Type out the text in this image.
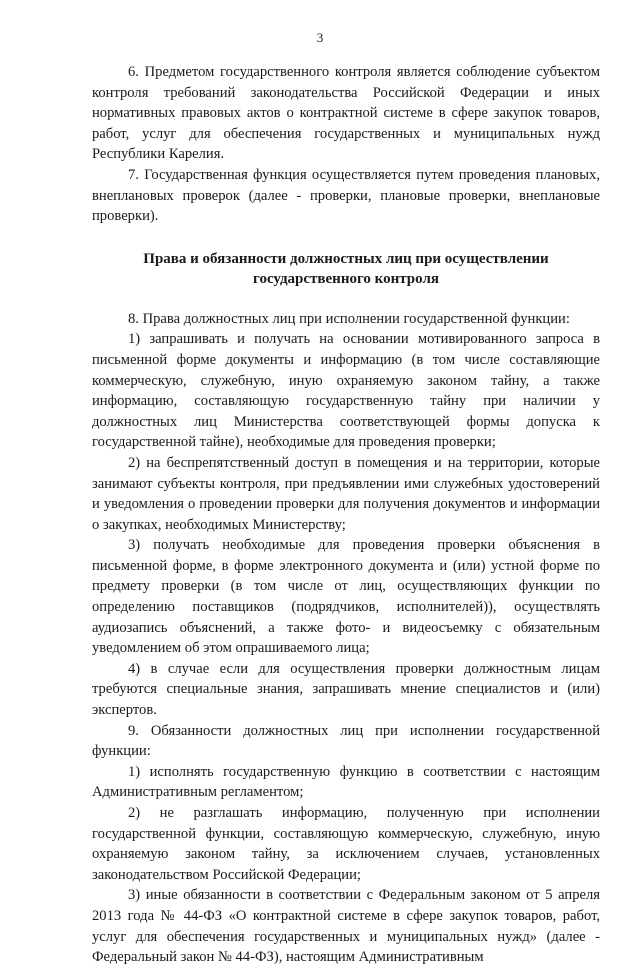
3

6. Предметом государственного контроля является соблюдение субъектом контроля требований законодательства Российской Федерации и иных нормативных правовых актов о контрактной системе в сфере закупок товаров, работ, услуг для обеспечения государственных и муниципальных нужд Республики Карелия.

7. Государственная функция осуществляется путем проведения плановых, внеплановых проверок (далее - проверки, плановые проверки, внеплановые проверки).

Права и обязанности должностных лиц при осуществлении
государственного контроля

8. Права должностных лиц при исполнении государственной функции:

1) запрашивать и получать на основании мотивированного запроса в письменной форме документы и информацию (в том числе составляющие коммерческую, служебную, иную охраняемую законом тайну, а также информацию, составляющую государственную тайну при наличии у должностных лиц Министерства соответствующей формы допуска к государственной тайне), необходимые для проведения проверки;

2) на беспрепятственный доступ в помещения и на территории, которые занимают субъекты контроля, при предъявлении ими служебных удостоверений и уведомления о проведении проверки для получения документов и информации о закупках, необходимых Министерству;

3) получать необходимые для проведения проверки объяснения в письменной форме, в форме электронного документа и (или) устной форме по предмету проверки (в том числе от лиц, осуществляющих функции по определению поставщиков (подрядчиков, исполнителей)), осуществлять аудиозапись объяснений, а также фото- и видеосъемку с обязательным уведомлением об этом опрашиваемого лица;

4) в случае если для осуществления проверки должностным лицам требуются специальные знания, запрашивать мнение специалистов и (или) экспертов.

9. Обязанности должностных лиц при исполнении государственной функции:

1) исполнять государственную функцию в соответствии с настоящим Административным регламентом;

2) не разглашать информацию, полученную при исполнении государственной функции, составляющую коммерческую, служебную, иную охраняемую законом тайну, за исключением случаев, установленных законодательством Российской Федерации;

3) иные обязанности в соответствии с Федеральным законом от 5 апреля 2013 года № 44-ФЗ «О контрактной системе в сфере закупок товаров, работ, услуг для обеспечения государственных и муниципальных нужд» (далее - Федеральный закон № 44-ФЗ), настоящим Административным
